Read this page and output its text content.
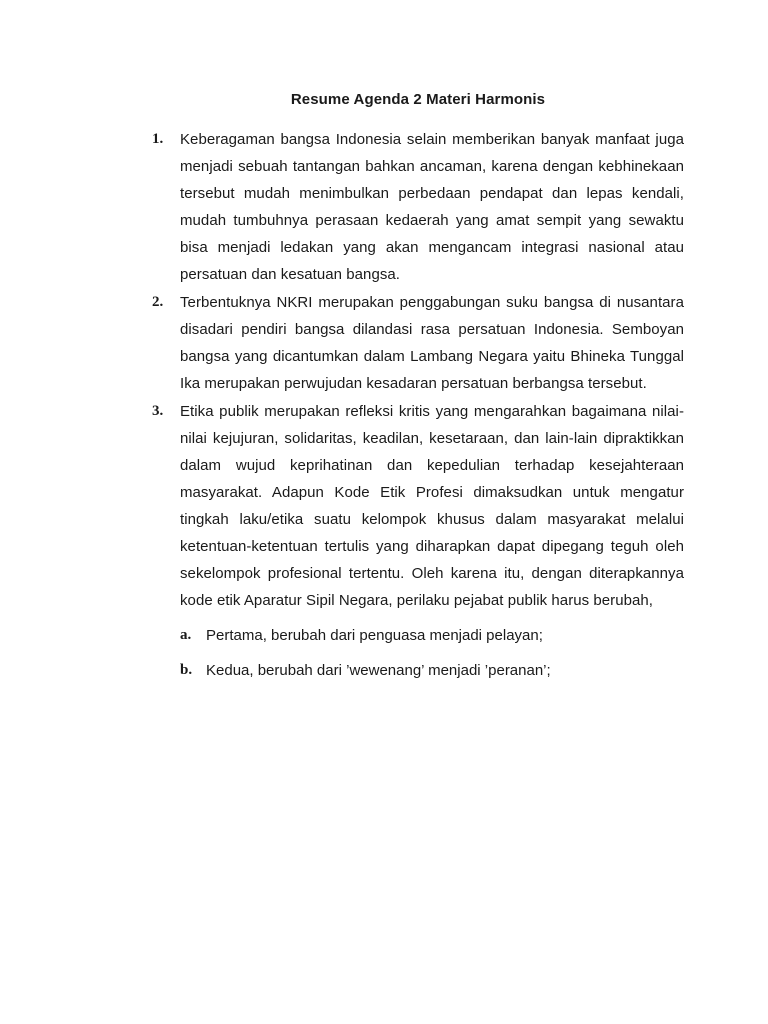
Resume Agenda 2 Materi Harmonis
1.	Keberagaman bangsa Indonesia selain memberikan banyak manfaat juga menjadi sebuah tantangan bahkan ancaman, karena dengan kebhinekaan tersebut mudah menimbulkan perbedaan pendapat dan lepas kendali, mudah tumbuhnya perasaan kedaerah yang amat sempit yang sewaktu bisa menjadi ledakan yang akan mengancam integrasi nasional atau persatuan dan kesatuan bangsa.
2.	Terbentuknya NKRI merupakan penggabungan suku bangsa di nusantara disadari pendiri bangsa dilandasi rasa persatuan Indonesia. Semboyan bangsa yang dicantumkan dalam Lambang Negara yaitu Bhineka Tunggal Ika merupakan perwujudan kesadaran persatuan berbangsa tersebut.
3.	Etika publik merupakan refleksi kritis yang mengarahkan bagaimana nilai-nilai kejujuran, solidaritas, keadilan, kesetaraan, dan lain-lain dipraktikkan dalam wujud keprihatinan dan kepedulian terhadap kesejahteraan masyarakat. Adapun Kode Etik Profesi dimaksudkan untuk mengatur tingkah laku/etika suatu kelompok khusus dalam masyarakat melalui ketentuan-ketentuan tertulis yang diharapkan dapat dipegang teguh oleh sekelompok profesional tertentu. Oleh karena itu, dengan diterapkannya kode etik Aparatur Sipil Negara, perilaku pejabat publik harus berubah,
a. Pertama, berubah dari penguasa menjadi pelayan;
b. Kedua, berubah dari ’wewenang’ menjadi ’peranan’;
